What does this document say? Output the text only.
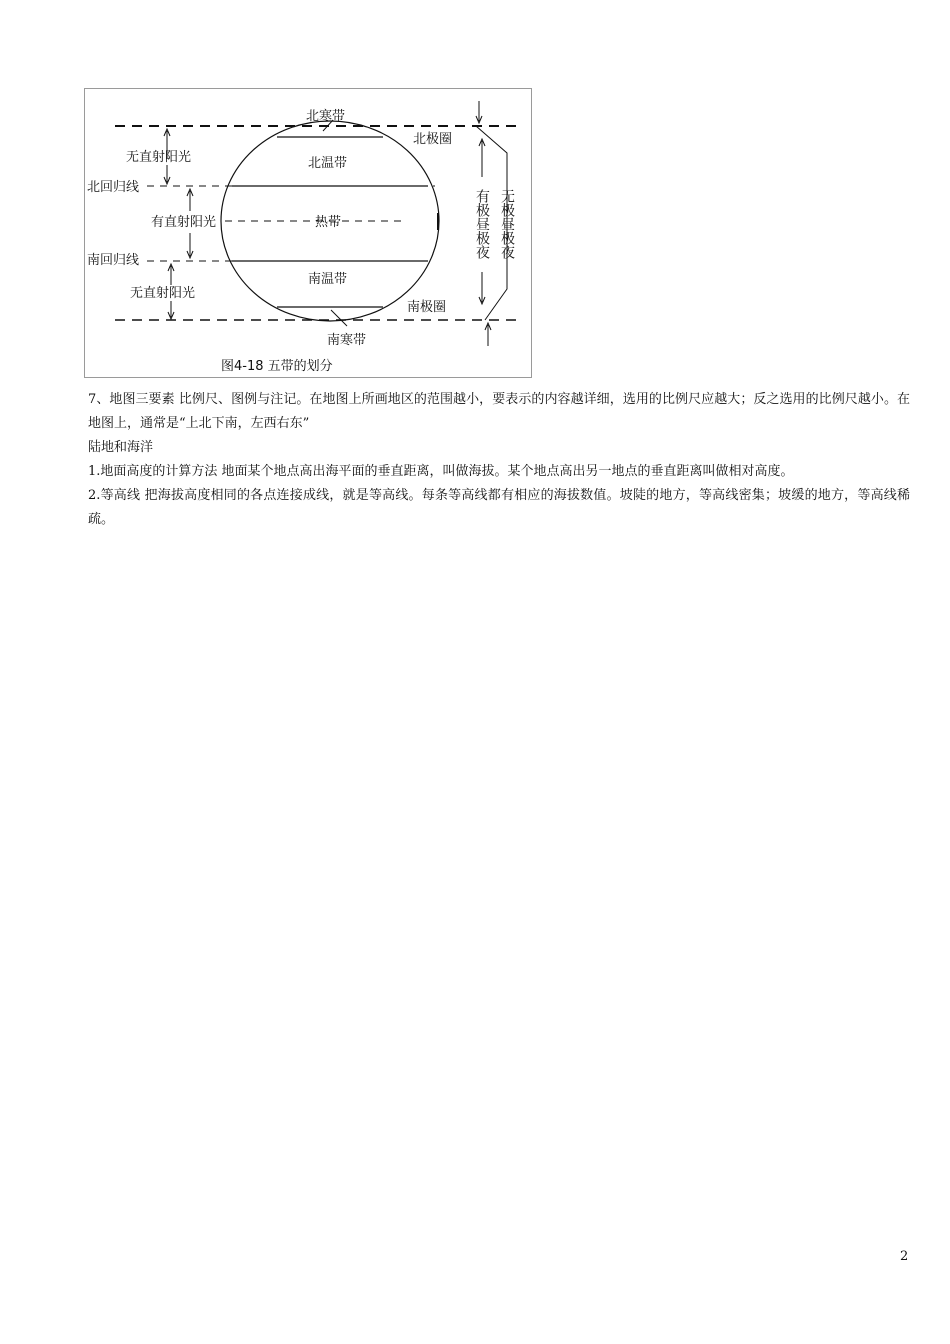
北寒带
北极圈
无直射阳光
北回归线
北温带
有直射阳光	热带
南回归线
南温带
无直射阳光
南极圈
南寒带
有极昼极夜 无极昼极夜
图4-18 五带的划分

7、地图三要素 比例尺、图例与注记。在地图上所画地区的范围越小，要表示的内容越详细，选用的比例尺应越大；反之选用的比例尺越小。在地图上，通常是“上北下南，左西右东”

陆地和海洋

1.地面高度的计算方法 地面某个地点高出海平面的垂直距离，叫做海拔。某个地点高出另一地点的垂直距离叫做相对高度。

2.等高线 把海拔高度相同的各点连接成线，就是等高线。每条等高线都有相应的海拔数值。坡陡的地方，等高线密集；坡缓的地方，等高线稀疏。

2
